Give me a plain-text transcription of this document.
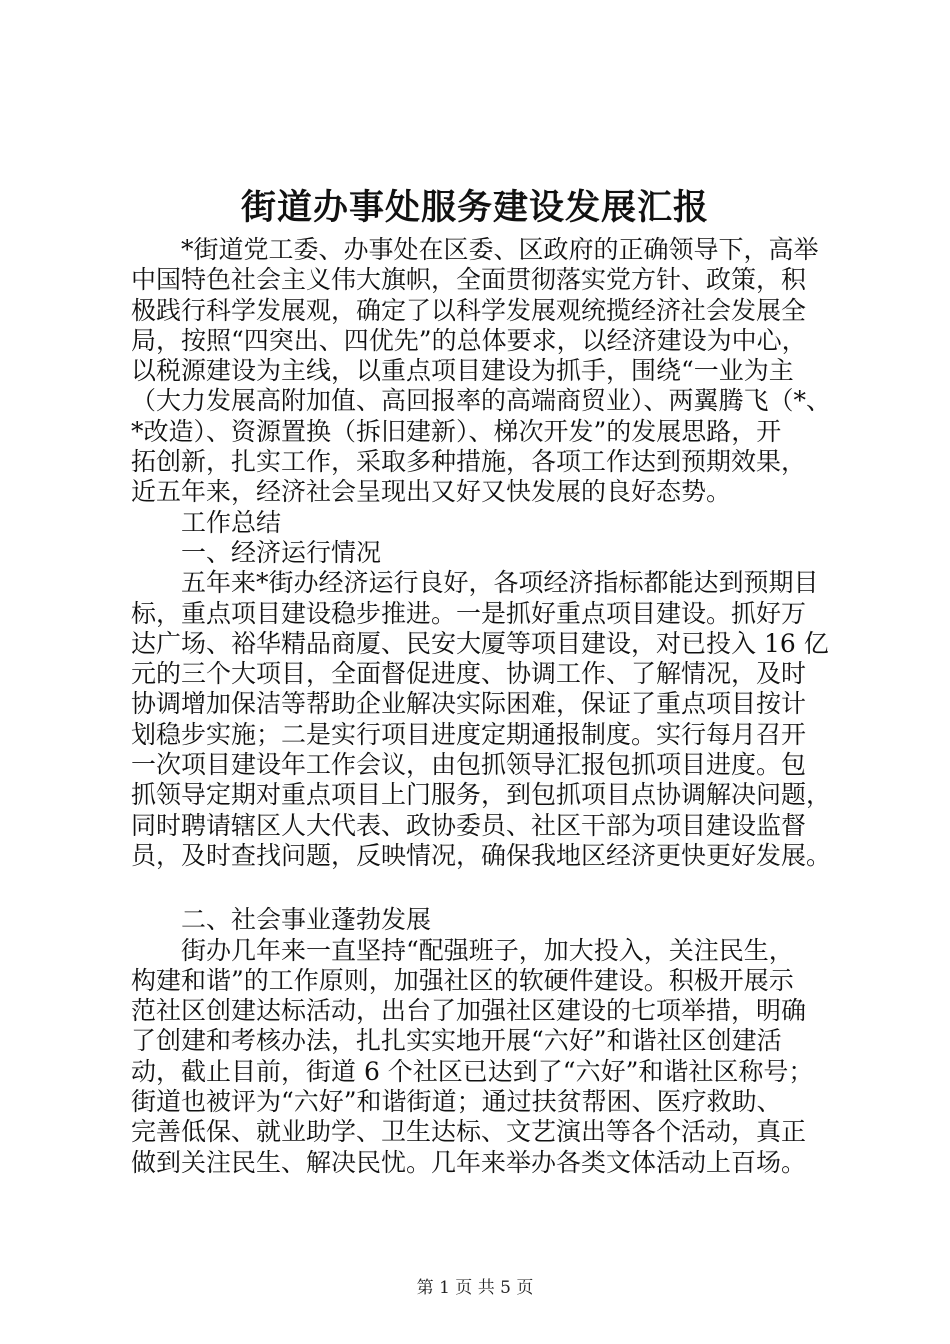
街道办事处服务建设发展汇报
*街道党工委、办事处在区委、区政府的正确领导下，高举
中国特色社会主义伟大旗帜，全面贯彻落实党方针、政策，积
极践行科学发展观，确定了以科学发展观统揽经济社会发展全
局，按照“四突出、四优先”的总体要求，以经济建设为中心，
以税源建设为主线，以重点项目建设为抓手，围绕“一业为主
（大力发展高附加值、高回报率的高端商贸业）、两翼腾飞（*、
*改造）、资源置换（拆旧建新）、梯次开发”的发展思路，开
拓创新，扎实工作，采取多种措施，各项工作达到预期效果，
近五年来，经济社会呈现出又好又快发展的良好态势。
工作总结
一、经济运行情况
五年来*街办经济运行良好，各项经济指标都能达到预期目
标，重点项目建设稳步推进。一是抓好重点项目建设。抓好万
达广场、裕华精品商厦、民安大厦等项目建设，对已投入 16 亿
元的三个大项目，全面督促进度、协调工作、了解情况，及时
协调增加保洁等帮助企业解决实际困难，保证了重点项目按计
划稳步实施；二是实行项目进度定期通报制度。实行每月召开
一次项目建设年工作会议，由包抓领导汇报包抓项目进度。包
抓领导定期对重点项目上门服务，到包抓项目点协调解决问题，
同时聘请辖区人大代表、政协委员、社区干部为项目建设监督
员，及时查找问题，反映情况，确保我地区经济更快更好发展。
二、社会事业蓬勃发展
街办几年来一直坚持“配强班子，加大投入，关注民生，
构建和谐”的工作原则，加强社区的软硬件建设。积极开展示
范社区创建达标活动，出台了加强社区建设的七项举措，明确
了创建和考核办法，扎扎实实地开展“六好”和谐社区创建活
动，截止目前，街道 6 个社区已达到了“六好”和谐社区称号；
街道也被评为“六好”和谐街道；通过扶贫帮困、医疗救助、
完善低保、就业助学、卫生达标、文艺演出等各个活动，真正
做到关注民生、解决民忧。几年来举办各类文体活动上百场。
第 1 页 共 5 页
